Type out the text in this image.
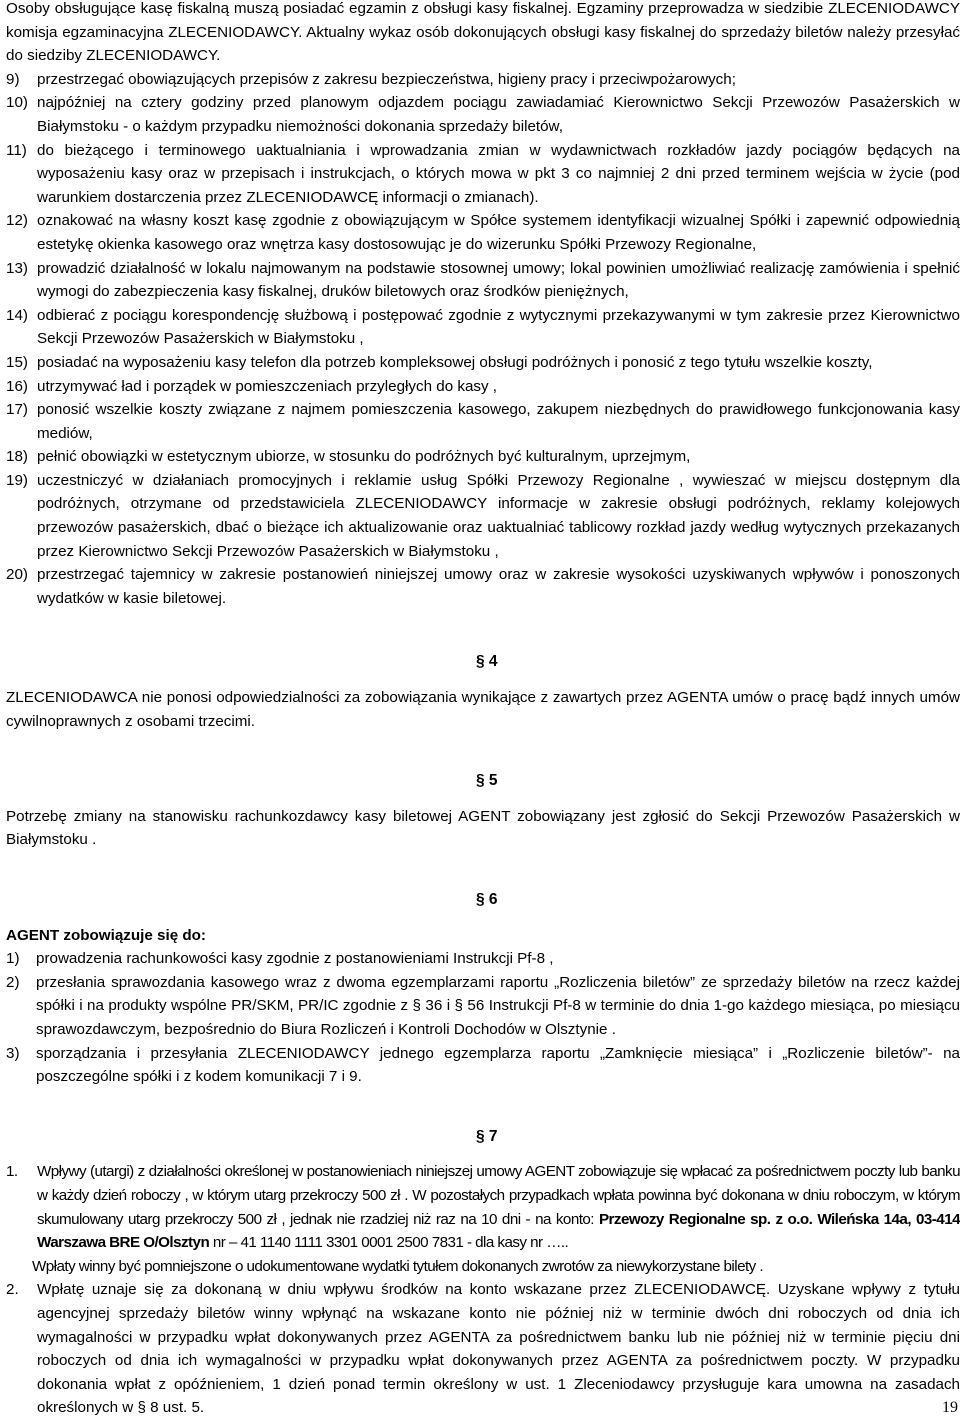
Osoby obsługujące kasę fiskalną muszą posiadać egzamin z obsługi kasy fiskalnej. Egzaminy przeprowadza w siedzibie ZLECENIODAWCY komisja egzaminacyjna ZLECENIODAWCY. Aktualny wykaz osób dokonujących obsługi kasy fiskalnej do sprzedaży biletów należy przesyłać do siedziby ZLECENIODAWCY.

9)	przestrzegać obowiązujących przepisów z zakresu bezpieczeństwa, higieny pracy i przeciwpożarowych;
10) najpóźniej na cztery godziny przed planowym odjazdem pociągu zawiadamiać Kierownictwo Sekcji Przewozów Pasażerskich w Białymstoku - o każdym przypadku niemożności dokonania sprzedaży biletów,
11) do bieżącego i terminowego uaktualniania i wprowadzania zmian w wydawnictwach rozkładów jazdy pociągów będących na wyposażeniu kasy oraz w przepisach i instrukcjach, o których mowa w pkt 3 co najmniej 2 dni przed terminem wejścia w życie (pod warunkiem dostarczenia przez ZLECENIODAWCĘ informacji o zmianach).
12) oznakować na własny koszt kasę zgodnie z obowiązującym w Spółce systemem identyfikacji wizualnej Spółki i zapewnić odpowiednią estetykę okienka kasowego oraz wnętrza kasy dostosowując je do wizerunku Spółki Przewozy Regionalne,
13) prowadzić działalność w lokalu najmowanym na podstawie stosownej umowy; lokal powinien umożliwiać realizację zamówienia i spełnić wymogi do zabezpieczenia kasy fiskalnej, druków biletowych oraz środków pieniężnych,
14) odbierać z pociągu korespondencję służbową i postępować zgodnie z wytycznymi przekazywanymi w tym zakresie przez Kierownictwo Sekcji Przewozów Pasażerskich w Białymstoku ,
15) posiadać na wyposażeniu kasy telefon dla potrzeb kompleksowej obsługi podróżnych i ponosić z tego tytułu wszelkie koszty,
16) utrzymywać ład i porządek w pomieszczeniach przyległych do kasy ,
17) ponosić wszelkie koszty związane z najmem pomieszczenia kasowego, zakupem niezbędnych do prawidłowego funkcjonowania kasy mediów,
18) pełnić obowiązki w estetycznym ubiorze, w stosunku do podróżnych być kulturalnym, uprzejmym,
19) uczestniczyć w działaniach promocyjnych i reklamie usług Spółki Przewozy Regionalne , wywieszać w miejscu dostępnym dla podróżnych, otrzymane od przedstawiciela ZLECENIODAWCY informacje w zakresie obsługi podróżnych, reklamy kolejowych przewozów pasażerskich, dbać o bieżące ich aktualizowanie oraz uaktualniać tablicowy rozkład jazdy według wytycznych przekazanych przez Kierownictwo Sekcji Przewozów Pasażerskich w Białymstoku ,
20) przestrzegać tajemnicy w zakresie postanowień niniejszej umowy oraz w zakresie wysokości uzyskiwanych wpływów i ponoszonych wydatków w kasie biletowej.
§ 4

ZLECENIODAWCA nie ponosi odpowiedzialności za zobowiązania wynikające z zawartych przez AGENTA umów o pracę bądź innych umów cywilnoprawnych z osobami trzecimi.

§ 5

Potrzebę zmiany na stanowisku rachunkozdawcy kasy biletowej AGENT zobowiązany jest zgłosić do Sekcji Przewozów Pasażerskich w Białymstoku .

§ 6

AGENT zobowiązuje się do:

1)	prowadzenia rachunkowości kasy zgodnie z postanowieniami Instrukcji Pf-8 ,
2)	przesłania sprawozdania kasowego wraz z dwoma egzemplarzami raportu „Rozliczenia biletów” ze sprzedaży biletów na rzecz każdej spółki i na produkty wspólne PR/SKM, PR/IC zgodnie z § 36 i § 56 Instrukcji Pf-8 w terminie do dnia 1-go każdego miesiąca, po miesiącu sprawozdawczym, bezpośrednio do Biura Rozliczeń i Kontroli Dochodów w Olsztynie .
3)	sporządzania i przesyłania ZLECENIODAWCY jednego egzemplarza raportu „Zamknięcie miesiąca” i „Rozliczenie biletów”- na poszczególne spółki i z kodem komunikacji 7 i 9.
§ 7
1.	Wpływy (utargi) z działalności określonej w postanowieniach niniejszej umowy AGENT zobowiązuje się wpłacać za pośrednictwem poczty lub banku w każdy dzień roboczy , w którym utarg przekroczy 500 zł . W pozostałych przypadkach wpłata powinna być dokonana w dniu roboczym, w którym skumulowany utarg przekroczy 500 zł , jednak nie rzadziej niż raz na 10 dni - na konto: Przewozy Regionalne sp. z o.o. Wileńska 14a, 03-414 Warszawa BRE O/Olsztyn nr – 41 1140 1111 3301 0001 2500 7831 - dla kasy nr …..

Wpłaty winny być pomniejszone o udokumentowane wydatki tytułem dokonanych zwrotów za niewykorzystane bilety .

2.	Wpłatę uznaje się za dokonaną w dniu wpływu środków na konto wskazane przez ZLECENIODAWCĘ. Uzyskane wpływy z tytułu agencyjnej sprzedaży biletów winny wpłynąć na wskazane konto nie później niż w terminie dwóch dni roboczych od dnia ich wymagalności w przypadku wpłat dokonywanych przez AGENTA za pośrednictwem banku lub nie później niż w terminie pięciu dni roboczych od dnia ich wymagalności w przypadku wpłat dokonywanych przez AGENTA za pośrednictwem poczty. W przypadku dokonania wpłat z opóźnieniem, 1 dzień ponad termin określony w ust. 1 Zleceniodawcy przysługuje kara umowna na zasadach określonych w § 8 ust. 5.	19
